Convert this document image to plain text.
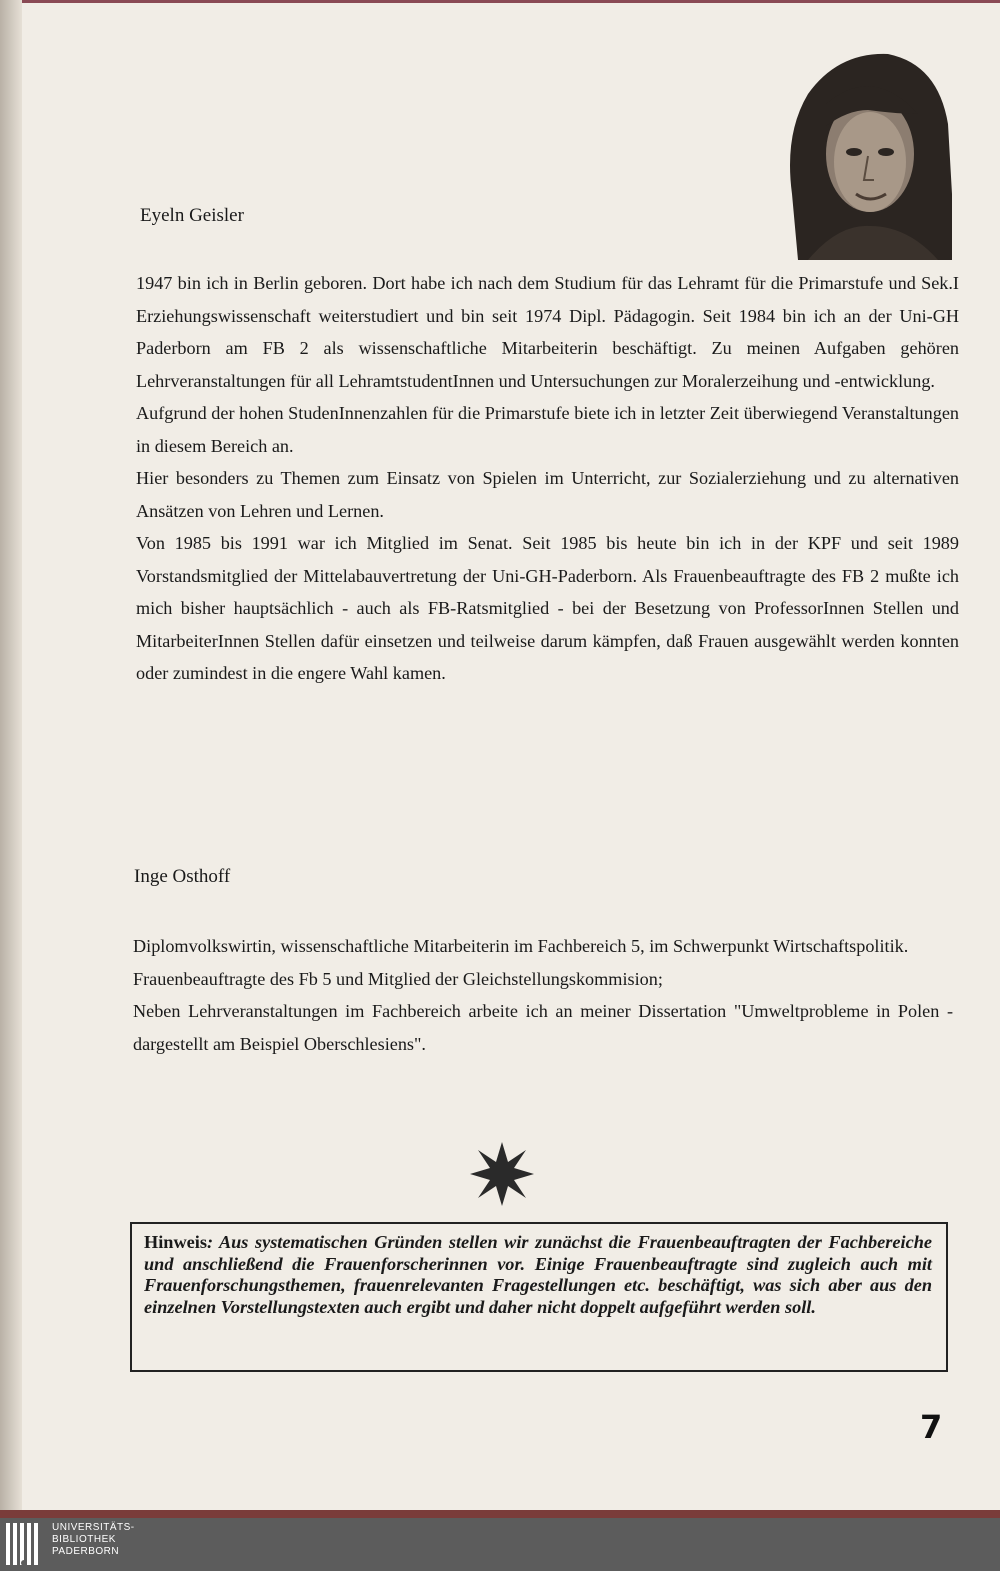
Eyeln Geisler

1947 bin ich in Berlin geboren. Dort habe ich nach dem Studium für das Lehramt für die Primarstufe und Sek.I Erziehungswissenschaft weiterstudiert und bin seit 1974 Dipl. Pädagogin. Seit 1984 bin ich an der Uni-GH Paderborn am FB 2 als wissenschaftliche Mitarbeiterin beschäftigt. Zu meinen Aufgaben gehören Lehrveranstaltungen für all LehramtstudentInnen und Untersuchungen zur Moralerzeihung und -entwicklung.

Aufgrund der hohen StudenInnenzahlen für die Primarstufe biete ich in letzter Zeit überwiegend Veranstaltungen in diesem Bereich an.

Hier besonders zu Themen zum Einsatz von Spielen im Unterricht, zur Sozialerziehung und zu alternativen Ansätzen von Lehren und Lernen.

Von 1985 bis 1991 war ich Mitglied im Senat. Seit 1985 bis heute bin ich in der KPF und seit 1989 Vorstandsmitglied der Mittelabauvertretung der Uni-GH-Paderborn. Als Frauenbeauftragte des FB 2 mußte ich mich bisher hauptsächlich - auch als FB-Ratsmitglied - bei der Besetzung von ProfessorInnen Stellen und MitarbeiterInnen Stellen dafür einsetzen und teilweise darum kämpfen, daß Frauen ausgewählt werden konnten oder zumindest in die engere Wahl kamen.

Inge Osthoff

Diplomvolkswirtin, wissenschaftliche Mitarbeiterin im Fachbereich 5, im Schwerpunkt Wirtschaftspolitik.

Frauenbeauftragte des Fb 5 und Mitglied der Gleichstellungskommision;

Neben Lehrveranstaltungen im Fachbereich arbeite ich an meiner Dissertation "Umweltprobleme in Polen - dargestellt am Beispiel Oberschlesiens".

Hinweis: Aus systematischen Gründen stellen wir zunächst die Frauenbeauftragten der Fachbereiche und anschließend die Frauenforscherinnen vor. Einige Frauenbeauftragte sind zugleich auch mit Frauenforschungsthemen, frauenrelevanten Fragestellungen etc. beschäftigt, was sich aber aus den einzelnen Vorstellungstexten auch ergibt und daher nicht doppelt aufgeführt werden soll.
7
UNIVERSITÄTS-
BIBLIOTHEK
PADERBORN
